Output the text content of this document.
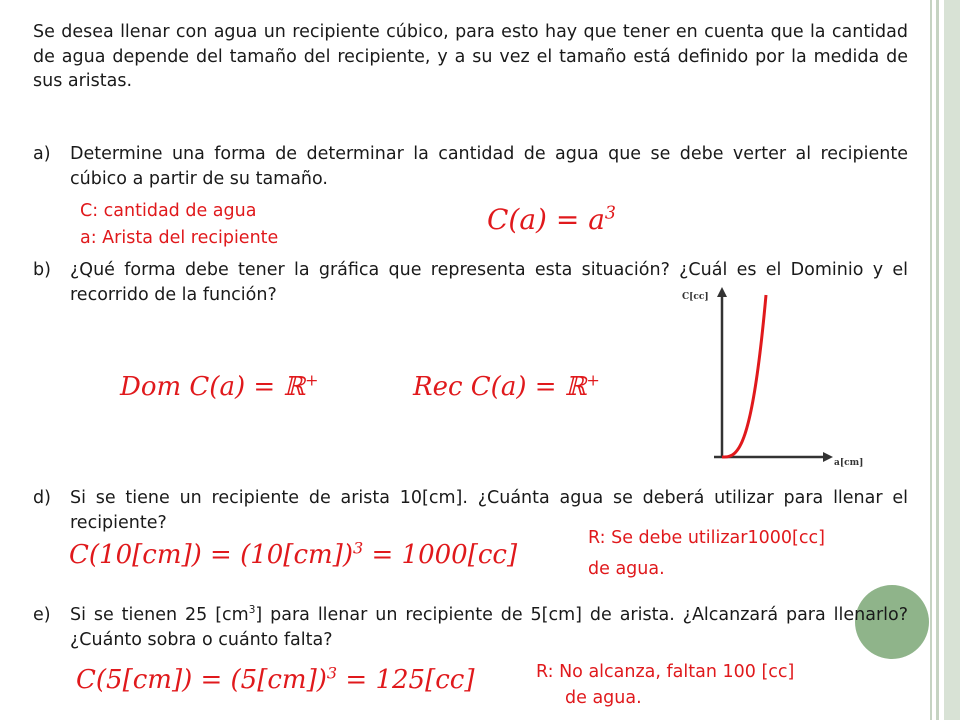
Se desea llenar con agua un recipiente cúbico, para esto hay que tener en cuenta que la cantidad de agua depende del tamaño del recipiente, y a su vez el tamaño está definido por la medida de sus aristas.
a) Determine una forma de determinar la cantidad de agua que se debe verter al recipiente cúbico a partir de su tamaño.
C: cantidad de agua
a: Arista del recipiente
$C(a) = a^3$
b) ¿Qué forma debe tener la gráfica que representa esta situación? ¿Cuál es el Dominio y el recorrido de la función?
Dom C(a) = ℝ+	Rec C(a) = ℝ+
C[cc]
a[cm]
d) Si se tiene un recipiente de arista 10[cm]. ¿Cuánta agua se deberá utilizar para llenar el recipiente?
$C(10[cm]) = (10[cm])^3 = 1000[cc]$
R: Se debe utilizar1000[cc]
de agua.
e) Si se tienen 25 $[cm^3]$ para llenar un recipiente de 5[cm] de arista. ¿Alcanzará para llenarlo?¿Cuánto sobra o cuánto falta?
$C(5[cm]) = (5[cm])^3 = 125[cc]$	R: No alcanza, faltan 100 [cc]
de agua.
